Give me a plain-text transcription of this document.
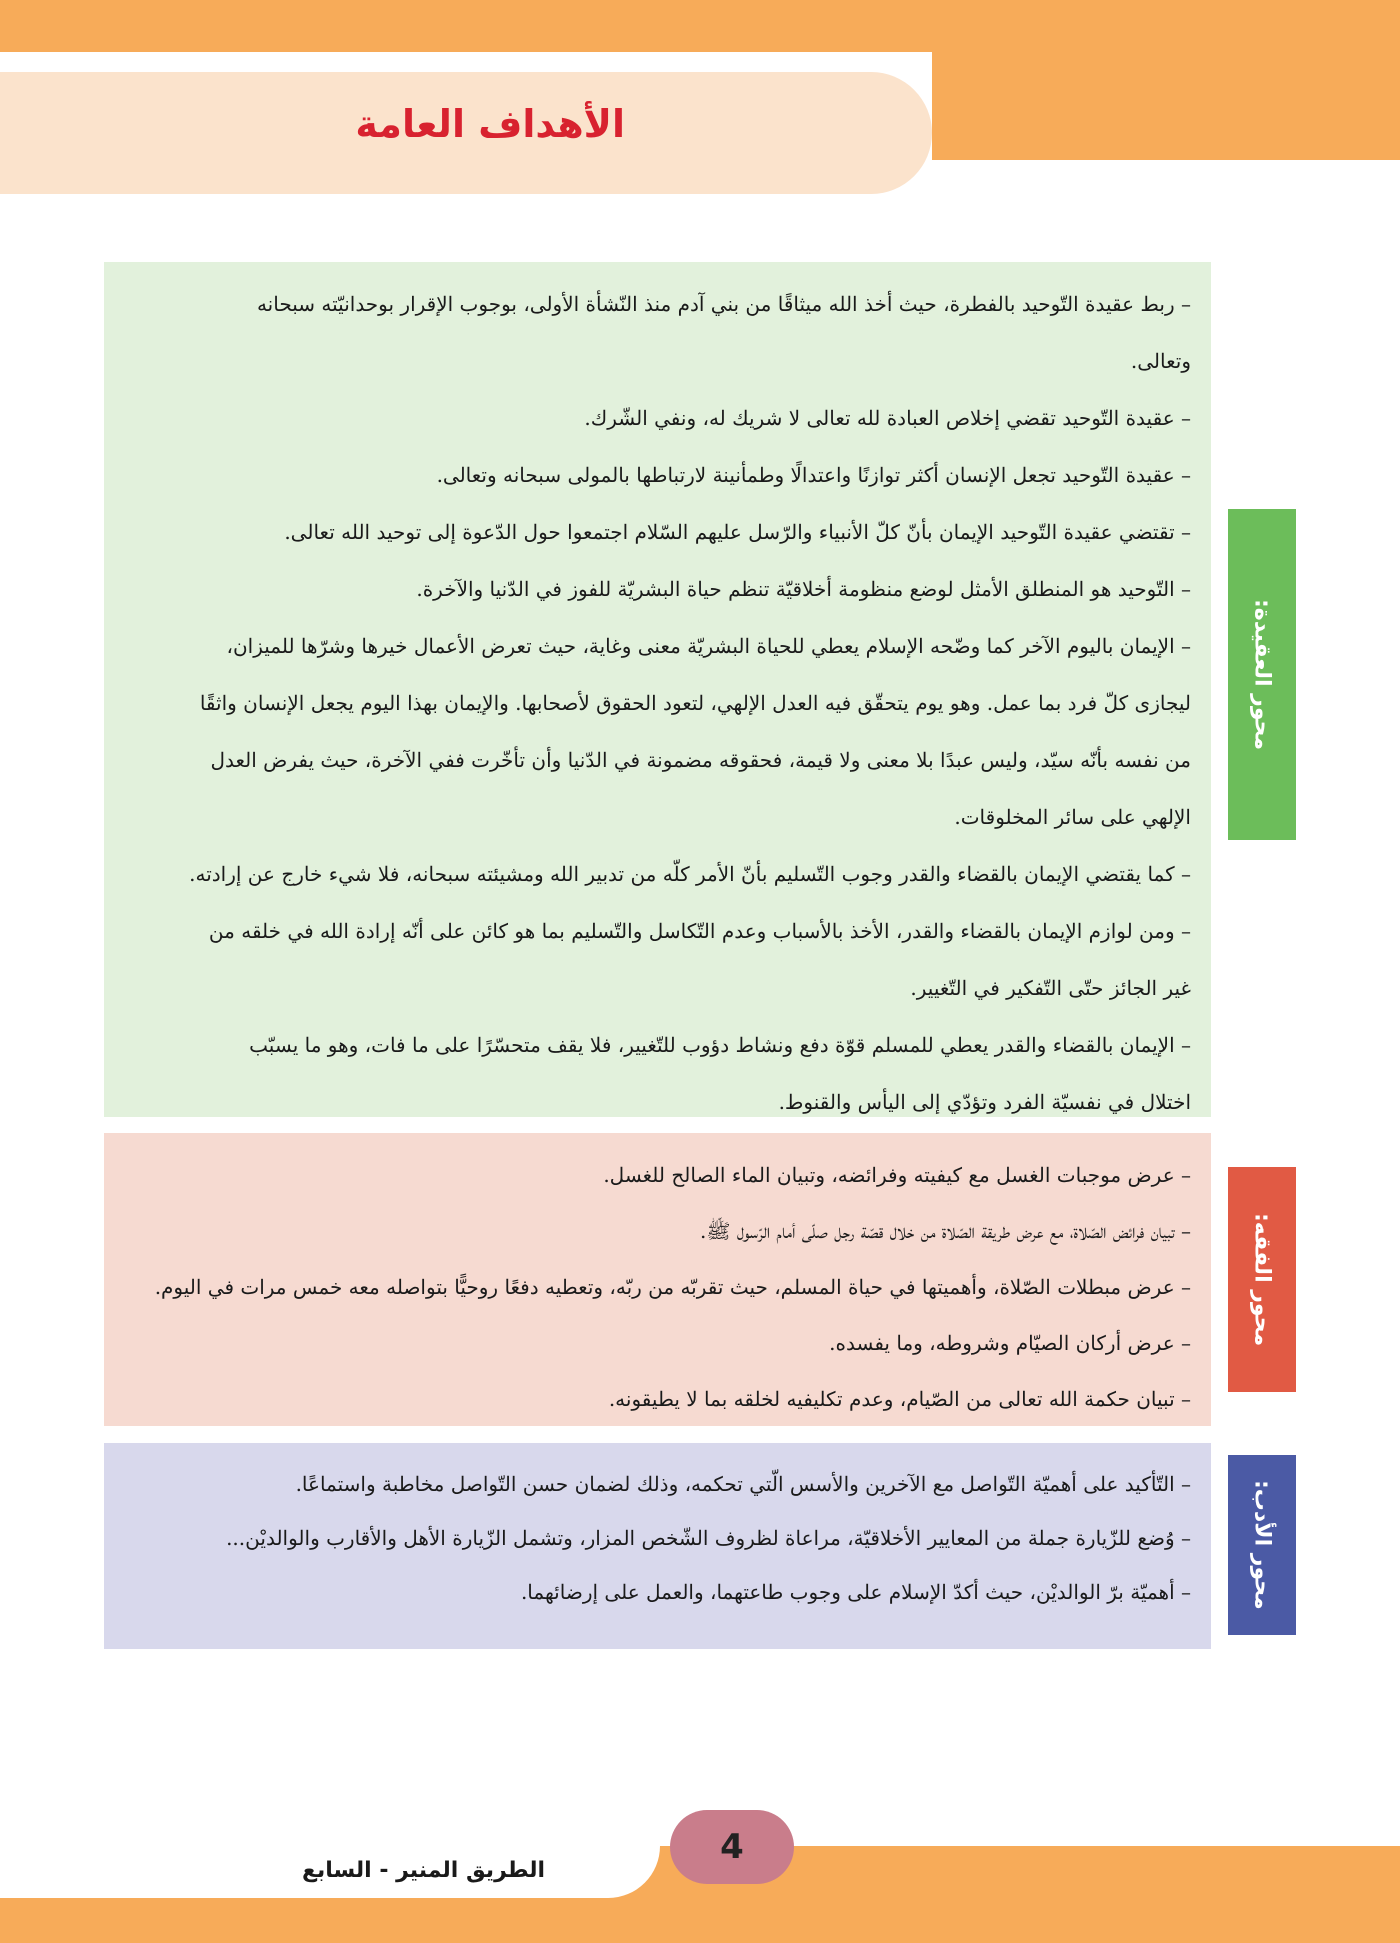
الأهداف العامة

– ربط عقيدة التّوحيد بالفطرة، حيث أخذ الله ميثاقًا من بني آدم منذ النّشأة الأولى، بوجوب الإقرار بوحدانيّته سبحانه

وتعالى.

– عقيدة التّوحيد تقضي إخلاص العبادة لله تعالى لا شريك له، ونفي الشّرك.

– عقيدة التّوحيد تجعل الإنسان أكثر توازنًا واعتدالًا وطمأنينة لارتباطها بالمولى سبحانه وتعالى.

– تقتضي عقيدة التّوحيد الإيمان بأنّ كلّ الأنبياء والرّسل عليهم السّلام اجتمعوا حول الدّعوة إلى توحيد الله تعالى.

– التّوحيد هو المنطلق الأمثل لوضع منظومة أخلاقيّة تنظم حياة البشريّة للفوز في الدّنيا والآخرة.

– الإيمان باليوم الآخر كما وضّحه الإسلام يعطي للحياة البشريّة معنى وغاية، حيث تعرض الأعمال خيرها وشرّها للميزان،

ليجازى كلّ فرد بما عمل. وهو يوم يتحقّق فيه العدل الإلهي، لتعود الحقوق لأصحابها. والإيمان بهذا اليوم يجعل الإنسان واثقًا

من نفسه بأنّه سيّد، وليس عبدًا بلا معنى ولا قيمة، فحقوقه مضمونة في الدّنيا وأن تأخّرت ففي الآخرة، حيث يفرض العدل

الإلهي على سائر المخلوقات.

– كما يقتضي الإيمان بالقضاء والقدر وجوب التّسليم بأنّ الأمر كلّه من تدبير الله ومشيئته سبحانه، فلا شيء خارج عن إرادته.

– ومن لوازم الإيمان بالقضاء والقدر، الأخذ بالأسباب وعدم التّكاسل والتّسليم بما هو كائن على أنّه إرادة الله في خلقه من

غير الجائز حتّى التّفكير في التّغيير.

– الإيمان بالقضاء والقدر يعطي للمسلم قوّة دفع ونشاط دؤوب للتّغيير، فلا يقف متحسّرًا على ما فات، وهو ما يسبّب

اختلال في نفسيّة الفرد وتؤدّي إلى اليأس والقنوط.

محور العقيدة:

– عرض موجبات الغسل مع كيفيته وفرائضه، وتبيان الماء الصالح للغسل.

– تبيان فرائض الصّلاة، مع عرض طريقة الصّلاة من خلال قصّة رجل صلّى أمام الرّسول ﷺ.

– عرض مبطلات الصّلاة، وأهميتها في حياة المسلم، حيث تقربّه من ربّه، وتعطيه دفعًا روحيًّا بتواصله معه خمس مرات في اليوم.

– عرض أركان الصيّام وشروطه، وما يفسده.

– تبيان حكمة الله تعالى من الصّيام، وعدم تكليفيه لخلقه بما لا يطيقونه.

محور الفقه:

– التّأكيد على أهميّة التّواصل مع الآخرين والأسس الّتي تحكمه، وذلك لضمان حسن التّواصل مخاطبة واستماعًا.

– وُضع للزّيارة جملة من المعايير الأخلاقيّة، مراعاة لظروف الشّخص المزار، وتشمل الزّيارة الأهل والأقارب والوالديْن...

– أهميّة برّ الوالديْن، حيث أكدّ الإسلام على وجوب طاعتهما، والعمل على إرضائهما.	محور الأدب:
4
الطريق المنير - السابع
